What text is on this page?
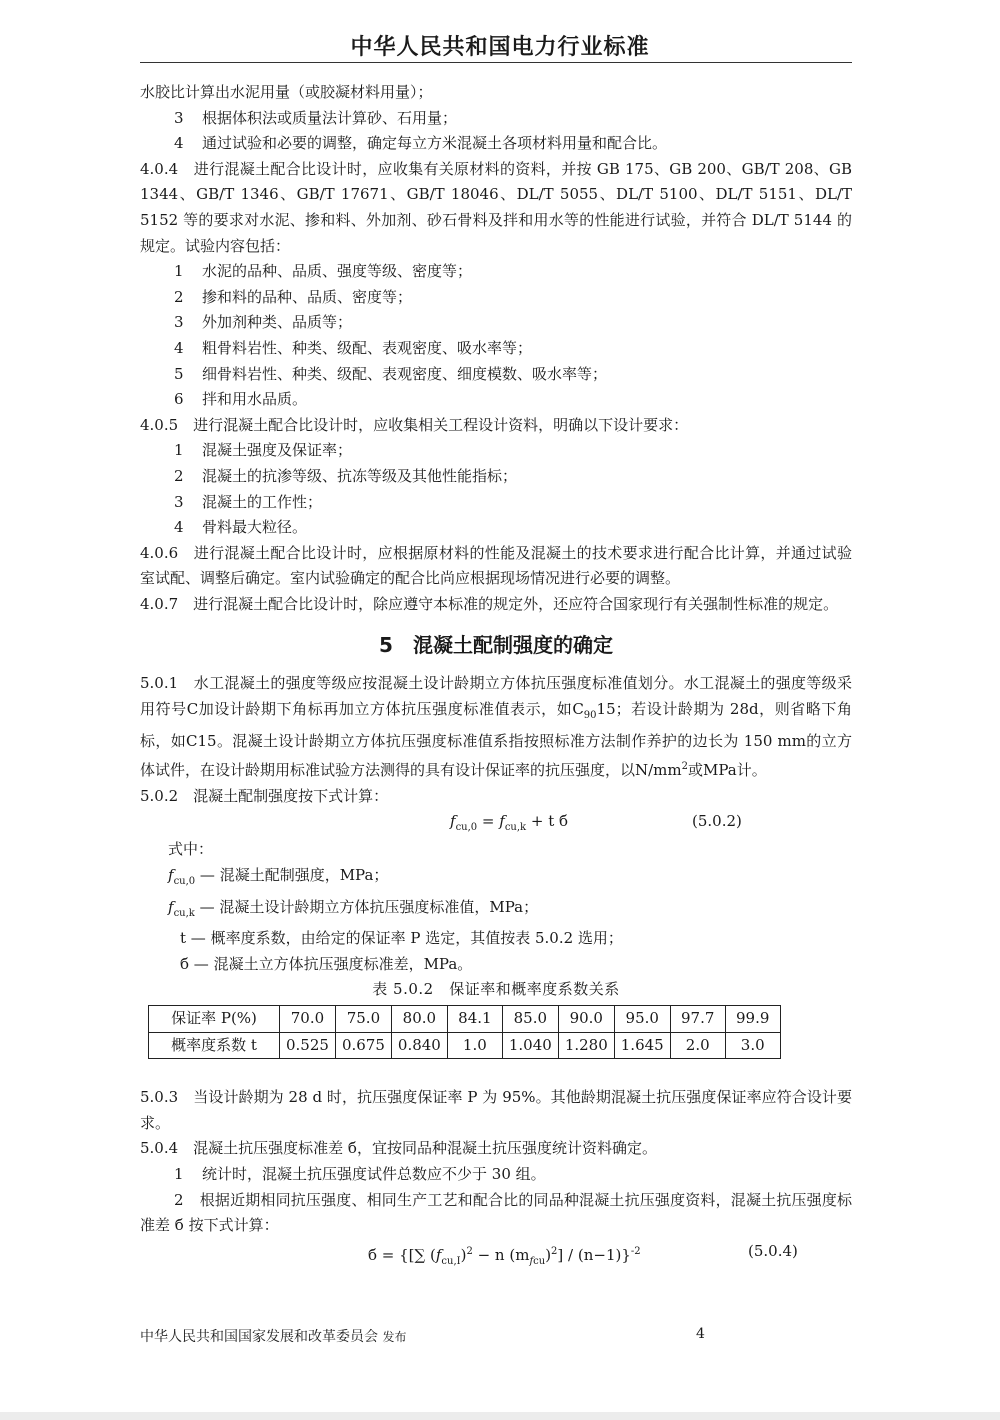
中华人民共和国电力行业标准

水胶比计算出水泥用量（或胶凝材料用量）；

3 根据体积法或质量法计算砂、石用量；

4 通过试验和必要的调整，确定每立方米混凝土各项材料用量和配合比。

4.0.4　进行混凝土配合比设计时，应收集有关原材料的资料，并按 GB 175、GB 200、GB/T 208、GB 1344、GB/T 1346、GB/T 17671、GB/T 18046、DL/T 5055、DL/T 5100、DL/T 5151、DL/T 5152 等的要求对水泥、掺和料、外加剂、砂石骨料及拌和用水等的性能进行试验，并符合 DL/T 5144 的规定。试验内容包括：

1 水泥的品种、品质、强度等级、密度等；

2 掺和料的品种、品质、密度等；

3 外加剂种类、品质等；

4 粗骨料岩性、种类、级配、表观密度、吸水率等；

5 细骨料岩性、种类、级配、表观密度、细度模数、吸水率等；

6 拌和用水品质。

4.0.5　进行混凝土配合比设计时，应收集相关工程设计资料，明确以下设计要求：

1 混凝土强度及保证率；

2 混凝土的抗渗等级、抗冻等级及其他性能指标；

3 混凝土的工作性；

4 骨料最大粒径。

4.0.6　进行混凝土配合比设计时，应根据原材料的性能及混凝土的技术要求进行配合比计算，并通过试验室试配、调整后确定。室内试验确定的配合比尚应根据现场情况进行必要的调整。

4.0.7　进行混凝土配合比设计时，除应遵守本标准的规定外，还应符合国家现行有关强制性标准的规定。

5　混凝土配制强度的确定

5.0.1　水工混凝土的强度等级应按混凝土设计龄期立方体抗压强度标准值划分。水工混凝土的强度等级采用符号C加设计龄期下角标再加立方体抗压强度标准值表示，如$C_{90}15$；若设计龄期为 28d，则省略下角标，如C15。混凝土设计龄期立方体抗压强度标准值系指按照标准方法制作养护的边长为 150 mm的立方体试件，在设计龄期用标准试验方法测得的具有设计保证率的抗压强度，以$N/mm^2$或MPa计。

5.0.2　混凝土配制强度按下式计算：

$f_{cu,0} = f_{cu,k} + t$ б	(5.0.2)

式中：

$f_{cu,0}$ — 混凝土配制强度，MPa；

$f_{cu,k}$ — 混凝土设计龄期立方体抗压强度标准值，MPa；

t — 概率度系数，由给定的保证率 P 选定，其值按表 5.0.2 选用；

б — 混凝土立方体抗压强度标准差，MPa。

表 5.0.2　保证率和概率度系数关系

保证率 P(%)	70.0	75.0	80.0	84.1	85.0	90.0	95.0	97.7	99.9
概率度系数 t	0.525	0.675	0.840	1.0	1.040	1.280	1.645	2.0	3.0

5.0.3　当设计龄期为 28 d 时，抗压强度保证率 P 为 95%。其他龄期混凝土抗压强度保证率应符合设计要求。

5.0.4　混凝土抗压强度标准差 б，宜按同品种混凝土抗压强度统计资料确定。

1 统计时，混凝土抗压强度试件总数应不少于 30 组。

2 根据近期相同抗压强度、相同生产工艺和配合比的同品种混凝土抗压强度资料，混凝土抗压强度标准差 б 按下式计算：

б = {[∑ $(f_{cu,I})^2 - n$ $(m_{fcu})^2] / (n-1)\}^{-2}$	(5.0.4)
中华人民共和国国家发展和改革委员会 发布	4
